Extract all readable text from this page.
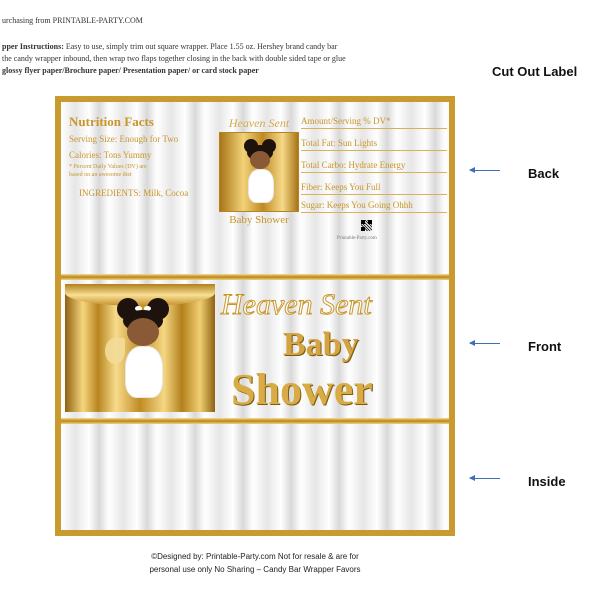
urchasing from PRINTABLE-PARTY.COM
pper Instructions: Easy to use, simply trim out square wrapper. Place 1.55 oz. Hershey brand candy bar
the candy wrapper inbound, then wrap two flaps together closing in the back with double sided tape or glue
glossy flyer paper/Brochure paper/ Presentation paper/ or card stock paper	Cut Out Label
Nutrition Facts
Serving Size: Enough for Two
Calories: Tons Yummy
* Percent Daily Values (DV) are
based on an awesome diet
INGREDIENTS: Milk, Cocoa
Heaven Sent
Baby Shower
Amount/Serving % DV*
Total Fat: Sun Lights
Total Carbo: Hydrate Energy
Fiber: Keeps You Full
Sugar: Keeps You Going Ohhh
Printable-Party.com
Heaven Sent
Baby
Shower
Back
Front
Inside
©Designed by: Printable-Party.com Not for resale & are for
personal use only No Sharing – Candy Bar Wrapper Favors
